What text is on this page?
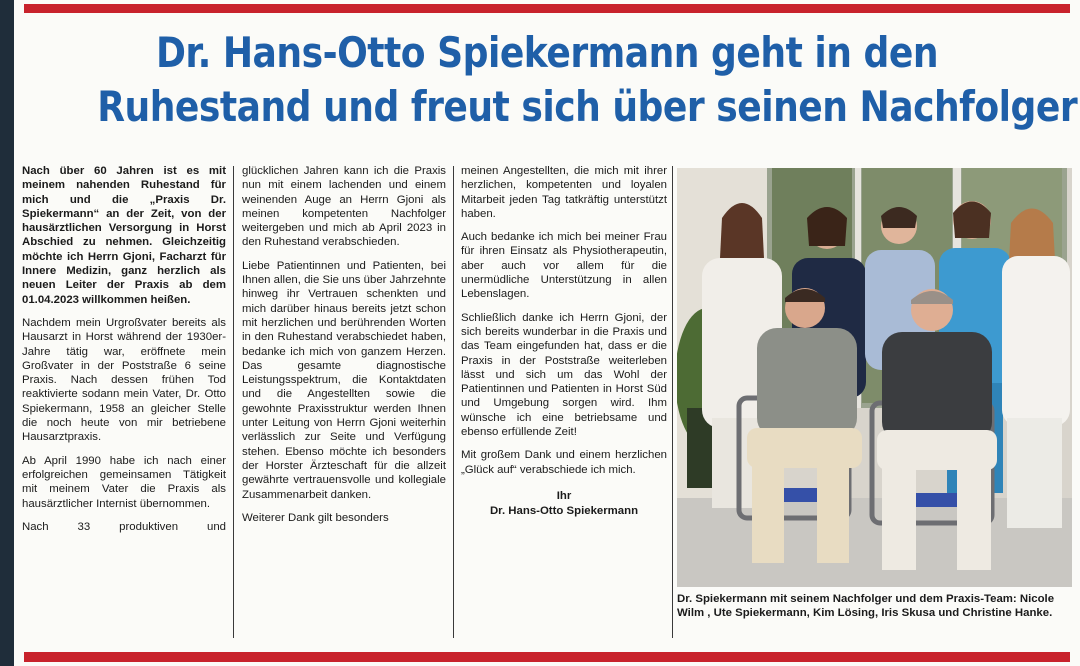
Dr. Hans-Otto Spiekermann geht in den
Ruhestand und freut sich über seinen Nachfolger

Nach über 60 Jahren ist es mit meinem nahenden Ruhestand für mich und die „Praxis Dr. Spiekermann“ an der Zeit, von der hausärztlichen Versorgung in Horst Abschied zu nehmen. Gleichzeitig möchte ich Herrn Gjoni, Facharzt für Innere Medizin, ganz herzlich als neuen Leiter der Praxis ab dem 01.04.2023 willkommen heißen.

Nachdem mein Urgroßvater bereits als Hausarzt in Horst während der 1930er-Jahre tätig war, eröffnete mein Großvater in der Poststraße 6 seine Praxis. Nach dessen frühen Tod reaktivierte sodann mein Vater, Dr. Otto Spiekermann, 1958 an gleicher Stelle die noch heute von mir betriebene Hausarztpraxis.

Ab April 1990 habe ich nach einer erfolgreichen gemeinsamen Tätigkeit mit meinem Vater die Praxis als hausärztlicher Internist übernommen.

Nach 33 produktiven und

glücklichen Jahren kann ich die Praxis nun mit einem lachenden und einem weinenden Auge an Herrn Gjoni als meinen kompetenten Nachfolger weitergeben und mich ab April 2023 in den Ruhestand verabschieden.

Liebe Patientinnen und Patienten, bei Ihnen allen, die Sie uns über Jahrzehnte hinweg ihr Vertrauen schenkten und mich darüber hinaus bereits jetzt schon mit herzlichen und berührenden Worten in den Ruhestand verabschiedet haben, bedanke ich mich von ganzem Herzen. Das gesamte diagnostische Leistungsspektrum, die Kontaktdaten und die Angestellten sowie die gewohnte Praxisstruktur werden Ihnen unter Leitung von Herrn Gjoni weiterhin verlässlich zur Seite und Verfügung stehen. Ebenso möchte ich besonders der Horster Ärzteschaft für die allzeit gewährte vertrauensvolle und kollegiale Zusammenarbeit danken.

Weiterer Dank gilt besonders

meinen Angestellten, die mich mit ihrer herzlichen, kompetenten und loyalen Mitarbeit jeden Tag tatkräftig unterstützt haben.

Auch bedanke ich mich bei meiner Frau für ihren Einsatz als Physiotherapeutin, aber auch vor allem für die unermüdliche Unterstützung in allen Lebenslagen.

Schließlich danke ich Herrn Gjoni, der sich bereits wunderbar in die Praxis und das Team eingefunden hat, dass er die Praxis in der Poststraße weiterleben lässt und sich um das Wohl der Patientinnen und Patienten in Horst Süd und Umgebung sorgen wird. Ihm wünsche ich eine betriebsame und ebenso erfüllende Zeit!

Mit großem Dank und einem herzlichen „Glück auf“ verabschiede ich mich.

Ihr
Dr. Hans-Otto Spiekermann
Dr. Spiekermann mit seinem Nachfolger und dem Praxis-Team: Nicole Wilm , Ute Spiekermann, Kim Lösing, Iris Skusa und Christine Hanke.
